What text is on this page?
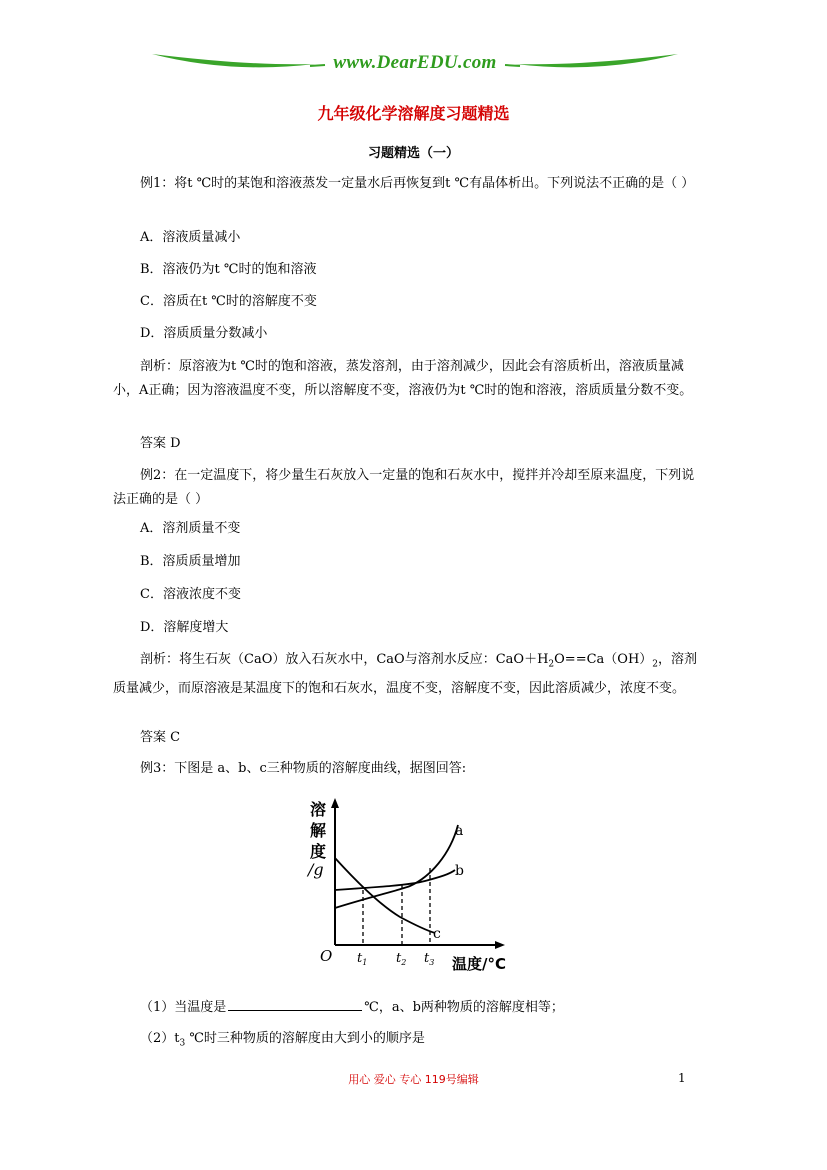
www.DearEDU.com
九年级化学溶解度习题精选
习题精选（一）
例1：将t ℃时的某饱和溶液蒸发一定量水后再恢复到t ℃有晶体析出。下列说法不正确的是（ ）
A．溶液质量减小
B．溶液仍为t ℃时的饱和溶液
C．溶质在t ℃时的溶解度不变
D．溶质质量分数减小
剖析：原溶液为t ℃时的饱和溶液，蒸发溶剂，由于溶剂减少，因此会有溶质析出，溶液质量减小，A正确；因为溶液温度不变，所以溶解度不变，溶液仍为t ℃时的饱和溶液，溶质质量分数不变。
答案 D
例2：在一定温度下，将少量生石灰放入一定量的饱和石灰水中，搅拌并冷却至原来温度，下列说法正确的是（ ）
A．溶剂质量不变
B．溶质质量增加
C．溶液浓度不变
D．溶解度增大
剖析：将生石灰（CaO）放入石灰水中，CaO与溶剂水反应：$CaO+H_2O==Ca(OH)_2$，溶剂质量减少，而原溶液是某温度下的饱和石灰水，温度不变，溶解度不变，因此溶质减少，浓度不变。
答案 C
例3：下图是 a、b、c三种物质的溶解度曲线，据图回答:
溶
解
度
/g
a
b
c
O $t_1$ $t_2$ $t_3$ 温度/°C
（1）当温度是	℃，a、b两种物质的溶解度相等；
$(2)t_3$ ℃时三种物质的溶解度由大到小的顺序是
用心 爱心 专心 119号编辑	1
